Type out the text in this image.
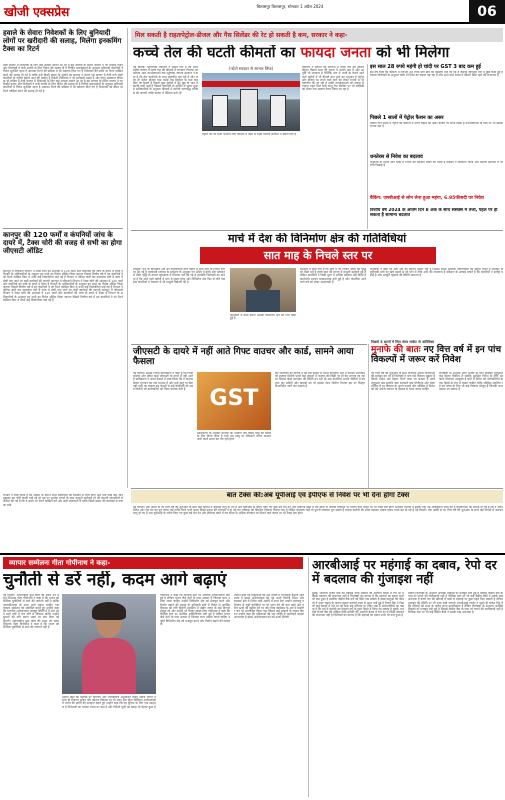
खोजी एक्सप्रेस	बिलासपुर बिलासपुर, सोमवार 1 अप्रैल 2024	06
हवाले के सेवारः निवेशकों के लिए बुनियादी लोगों पर खरीदारी की सलाह, मिलेगा इनकमिंग टैक्स का रिटर्न
तेजी बाजार में निवेशकों के लिए कई अवसर सामने आ रहे हैं इस सप्ताह के दौरान बाजार ने नए रिकॉर्ड बनाए और विशेषज्ञों ने लंबी अवधि के लिए निवेश की सलाह दी है वित्तीय सलाहकारों के अनुसार बुनियादी कंपनियों में निवेश सुरक्षित रहता है आयकर रिटर्न की प्रक्रिया में भी बदलाव किए गए हैं निवेशकों को समय पर रिटर्न दाखिल करने की सलाह दी गई है ताकि उन्हें किसी प्रकार के जुर्माने का सामना न करना पड़े बाजार में तेजी बनी रहेगी कंपनियों के नतीजे बेहतर आने की उम्मीद है विदेशी निवेशकों ने भी खरीदारी बढ़ाई है और घरेलू संस्थागत निवेशक भी सक्रिय हैं तेजी बाजार में निवेशकों के लिए कई अवसर सामने आ रहे हैं इस सप्ताह के दौरान बाजार ने नए रिकॉर्ड बनाए और विशेषज्ञों ने लंबी अवधि के लिए निवेश की सलाह दी है वित्तीय सलाहकारों के अनुसार बुनियादी कंपनियों में निवेश सुरक्षित रहता है आयकर रिटर्न की प्रक्रिया में भी बदलाव किए गए हैं निवेशकों को समय पर रिटर्न दाखिल करने की सलाह दी गई है
कानपुर की 120 फर्मों व कंपनियों जांच के दायरे में, टैक्स चोरी की वजह से सभी का होगा जीएसटी ऑडिट
कानपुर में जीएसटी विभाग ने टैक्स चोरी की आशंका में 120 फर्मों और कंपनियों को जांच के दायरे में लिया है विभाग के अधिकारियों के अनुसार इन सभी का विशेष ऑडिट किया जाएगा पिछले वित्तीय वर्ष में इन कंपनियों ने जो रिटर्न दाखिल किए थे उनमें कई विसंगतियां पाई गई हैं विभाग ने नोटिस जारी कर दस्तावेज मांगे हैं जांच में दोषी पाए जाने पर कड़ी कार्रवाई की जाएगी कानपुर में जीएसटी विभाग ने टैक्स चोरी की आशंका में 120 फर्मों और कंपनियों को जांच के दायरे में लिया है विभाग के अधिकारियों के अनुसार इन सभी का विशेष ऑडिट किया जाएगा पिछले वित्तीय वर्ष में इन कंपनियों ने जो रिटर्न दाखिल किए थे उनमें कई विसंगतियां पाई गई हैं विभाग ने नोटिस जारी कर दस्तावेज मांगे हैं जांच में दोषी पाए जाने पर कड़ी कार्रवाई की जाएगी कानपुर में जीएसटी विभाग ने टैक्स चोरी की आशंका में 120 फर्मों और कंपनियों को जांच के दायरे में लिया है विभाग के अधिकारियों के अनुसार इन सभी का विशेष ऑडिट किया जाएगा पिछले वित्तीय वर्ष में इन कंपनियों ने जो रिटर्न दाखिल किए थे उनमें कई विसंगतियां पाई गई हैं
मिल सकती है राहतःपेट्रोल-डीजल और गैस सिलेंडर की रेट हो सकती है कम, सरकार ने कहा-
कच्चे तेल की घटती कीमतों का फायदा जनता को भी मिलेगा
नई दिल्ली। पेट्रोलियम मंत्रालय ने संकेत दिए हैं कि अंतरराष्ट्रीय बाजार में कच्चे तेल की कीमतों में लगातार गिरावट का फायदा आम उपभोक्ताओं तक पहुंचाया जाएगा सरकार ने कहा है कि तेल कंपनियों के साथ बातचीत चल रही है और जल्द ही पेट्रोल डीजल तथा रसोई गैस सिलेंडर के दाम कम किए जा सकते हैं पिछले कुछ महीनों में ब्रेंट क्रूड के भाव में काफी कमी आई है जिससे कंपनियों के मार्जिन में सुधार हुआ है अधिकारियों के अनुसार कीमतों में कटौती चरणबद्ध तरीके से की जाएगी ताकि बाजार में स्थिरता बनी रहे
(फोटो सरकार से साभार लिंक)
पेट्रोल पंप पर ईंधन भरवाते लोग कीमतों में कमी से राहत मिलेगी सरकार ने संकेत दिए हैं
मंत्रालय ने बताया कि वर्तमान में कच्चे तेल की औसत कीमत पिछले साल की तुलना में काफी कम है और आपूर्ति भी सामान्य है वैश्विक मांग में नरमी के चलते आने वाले महीनों में भी कीमतें कम रहने का अनुमान है पेट्रोल और डीजल पर लगने वाले करों को लेकर राज्यों से भी बातचीत की जा रही है ताकि उपभोक्ताओं को ज्यादा से ज्यादा राहत मिल सके घरेलू गैस सिलेंडर पर भी सब्सिडी को लेकर नया प्रस्ताव तैयार किया जा रहा है
इस साल 28 रुपये महंगी हो चांदी पर GST 3 बाद कम हुई
इस वर्ष चांदी की कीमतों में लगभग 28 रुपये प्रति ग्राम की बढ़ोतरी दर्ज की गई है जबकि जीएसटी दरों में कुछ कमी हुई है बाजार विशेषज्ञों के अनुसार चांदी में निवेश का रुझान बढ़ रहा है और आने वाले समय में कीमतें स्थिर रहने की संभावना है
पिछले 1 सालों में पेट्रोल फैशन का असर
पिछले तीन सालों में पेट्रोल की कीमतों में उतार चढ़ाव का असर बाजार पर साफ दिखा है उपभोक्ताओं के खर्च पर भी इसका प्रभाव पड़ा है
धनतेरस से निवेश का बदलाव
धनतेरस के दौरान सोने चांदी में निवेश का बदलाव देखने को मिला है ग्राहकों ने डिजिटल गोल्ड और सिल्वर ईटीएफ में भी रुचि दिखाई है
मार्च में देश की विनिर्माण क्षेत्र की गतिविधियां
सात माह के निचले स्तर पर
बेंगलुरु। देश के विनिर्माण क्षेत्र की गतिविधियां मार्च महीने में सात माह के निचले स्तर पर आ गई हैं एसएंडपी ग्लोबल के सर्वेक्षण के अनुसार नए ऑर्डर में कमी और उत्पादन में धीमी वृद्धि के कारण सूचकांक में गिरावट दर्ज की गई है हालांकि विशेषज्ञों का मानना है कि आने वाले महीनों में मांग में सुधार होगा और विनिर्माण क्षेत्र फिर से गति पकड़ेगा कंपनियों ने रोजगार में भी मामूली बढ़ोतरी की है
कारखाने में काम करता श्रमिक विनिर्माण क्षेत्र की गति धीमी हुई है
सर्वेक्षण में कहा गया है कि मार्च में नए निर्यात ऑर्डर की वृद्धि भी धीमी रही है कच्चे माल की लागत में मामूली बढ़ोतरी हुई है लेकिन कंपनियों ने बिक्री मूल्य में अधिक बदलाव नहीं किया है कारोबारी धारणा सकारात्मक बनी हुई है और कंपनियां आने वाले वर्ष को लेकर आशावादी हैं
विशेषज्ञों ने कहा कि सेवा क्षेत्र का प्रदर्शन बेहतर रहा है जिससे समग्र आर्थिक गतिविधियों को सहारा मिला है सरकार के बुनियादी ढांचे पर खर्च बढ़ाने से भी मांग में तेजी आने की संभावना है सर्वेक्षण के आंकड़े बताते हैं कि कंपनियों ने इन्वेंट्री बढ़ाई है और आपूर्ति श्रृंखला की स्थिति सामान्य है
जीएसटी के दायरे में नहीं आते गिफ्ट वाउचर और कार्ड, सामने आया फैसला
नई दिल्ली। अग्रिम निर्णय प्राधिकरण ने कहा है कि गिफ्ट वाउचर और प्रीपेड कार्ड जीएसटी के दायरे में नहीं आते हैं प्राधिकरण ने अपने फैसले में स्पष्ट किया कि ये वाउचर केवल भुगतान का एक माध्यम हैं और इन्हें वस्तु या सेवा नहीं माना जा सकता इस फैसले से कई कंपनियों को राहत मिलेगी जो कर्मचारियों को गिफ्ट वाउचर देती हैं	GST
प्राधिकरण के अनुसार वाउचर का उपयोग जब किसी वस्तु की खरीद के लिए किया जाता है तभी उस वस्तु पर जीएसटी लगेगा वाउचर जारी करते समय कर देय नहीं होगा
कर विशेषज्ञों का मानना है कि इस फैसले से रिटेल कंपनियों और ई कॉमर्स प्लेटफॉर्म को स्पष्टता मिलेगी पहले कई मामलों में वाउचर की बिक्री पर ही कर लगाया जा रहा था जिससे दोहरे कराधान की स्थिति बन रही थी अब कंपनियां अपनी नीतियों में बदलाव कर सकेंगी और ग्राहकों को भी इसका लाभ मिलेगा विभाग इस पर विस्तृत दिशानिर्देश जारी कर सकता है
मुनाफे की बातः नए वित्त वर्ष में इन पांच विकल्पों में जरूर करें निवेश
नए वित्त वर्ष की शुरुआत के साथ निवेशक अपनी योजनाओं की समीक्षा कर रहे हैं विशेषज्ञों ने पांच ऐसे विकल्प सुझाए हैं जिनमें निवेश कर बेहतर रिटर्न पाया जा सकता है इनमें म्यूचुअल फंड सावधि जमा सरकारी बांड पीपीएफ और सोना शामिल हैं हर विकल्प के अपने फायदे और जोखिम हैं निवेशकों को अपनी जरूरत के हिसाब से चयन करना चाहिए
विशेषज्ञों के अनुसार लंबी अवधि के लिए इक्विटी म्यूचुअल फंड बेहतर विकल्प हैं जबकि सुरक्षित निवेश के लिए सरकारी योजनाएं उपयुक्त हैं सोने में निवेश को पोर्टफोलियो के एक हिस्से के रूप में रखना चाहिए ताकि जोखिम संतुलित रहे कर बचत के लिए भी कई विकल्प मौजूद हैं जिनका लाभ उठाया जा सकता है
बात टैक्स की:अब यूपीआई एवं ईपीएफ से निवेश पर भी देना होगा टैक्स
नई दिल्ली। एक अप्रैल से नए वित्त वर्ष की शुरुआत के साथ कई नियमों में बदलाव लागू हो गए हैं अब यूपीआई के जरिए किए गए कुछ बड़े लेन देन और ईपीएफ खाते में तय सीमा से अधिक योगदान पर मिलने वाले ब्याज पर भी टैक्स देना होगा आयकर विभाग ने इसके लिए नई अधिसूचना जारी की है करदाताओं को सलाह दी गई है कि वे अपने निवेश और लेन देन का पूरा ब्योरा रखें ताकि रिटर्न भरते समय किसी प्रकार की परेशानी न हो नई कर व्यवस्था को डिफॉल्ट विकल्प बनाया गया है लेकिन करदाता चाहें तो पुरानी व्यवस्था चुन सकते हैं मानक कटौती की सीमा बढ़ाकर पचास हजार रुपये कर दी गई है नई दिल्ली। एक अप्रैल से नए वित्त वर्ष की शुरुआत के साथ कई नियमों में बदलाव लागू हो गए हैं अब यूपीआई के जरिए किए गए कुछ बड़े लेन देन और ईपीएफ खाते में तय सीमा से अधिक योगदान पर मिलने वाले ब्याज पर भी टैक्स देना होगा
विभाग ने स्पष्ट किया है कि ऑडिट के दौरान सभी दस्तावेजों की बारीकी से जांच होगी और यदि कोई फर्म जानबूझकर कर चोरी करती पाई गई तो उस पर जुर्माना लगाने के साथ कानूनी कार्रवाई भी की जाएगी व्यापारियों से अपील की गई है कि वे समय पर रिटर्न दाखिल करें और सही जानकारी दें ताकि किसी प्रकार की कार्रवाई से बचा जा सके
व्यापार सम्मेलनः गीता गोपीनाथ ने कहा-
चुनौती से डरें नहीं, कदम आगे बढ़ाएं
नई दिल्ली। अंतरराष्ट्रीय मुद्रा कोष की प्रथम उप प्रबंध निदेशक गीता गोपीनाथ ने कहा है कि भारत को वैश्विक चुनौतियों से डरने की जरूरत नहीं है बल्कि आत्मविश्वास के साथ आगे बढ़ना चाहिए एक व्यापार सम्मेलन को संबोधित करते हुए उन्होंने कहा कि भारतीय अर्थव्यवस्था मजबूत स्थिति में है और आने वाले वर्षों में तेज गति से विकास करेगी उन्होंने सुधारों की गति बनाए रखने पर जोर दिया नई दिल्ली। अंतरराष्ट्रीय मुद्रा कोष की प्रथम उप प्रबंध निदेशक गीता गोपीनाथ ने कहा है कि भारत को वैश्विक चुनौतियों से डरने की जरूरत नहीं है
उन्होंने कहा कि महंगाई पर नियंत्रण और राजकोषीय अनुशासन बनाए रखना जरूरी है साथ ही रोजगार सृजन और कौशल विकास पर भी ध्यान देना होगा डिजिटल अर्थव्यवस्था में भारत की प्रगति की सराहना करते हुए उन्होंने कहा कि यह दुनिया के लिए एक उदाहरण है निवेशकों का भरोसा भारत पर बढ़ा है और विदेशी पूंजी का प्रवाह भी बेहतर हुआ है
गोपीनाथ ने कहा कि वैश्विक स्तर पर आर्थिक अनिश्चितता बनी हुई है लेकिन भारत जैसे देशों के पास अवसर हैं जिनका लाभ उठाया जाना चाहिए उन्होंने विनिर्माण क्षेत्र को मजबूत करने और निर्यात बढ़ाने की सलाह दी बुनियादी ढांचे में निवेश से आर्थिक विकास को गति मिलेगी सम्मेलन में उद्योग जगत के कई दिग्गज मौजूद रहे और उन्होंने भी विचार साझा किए गोपीनाथ ने कहा कि वैश्विक स्तर पर आर्थिक अनिश्चितता बनी हुई है लेकिन भारत जैसे देशों के पास अवसर हैं जिनका लाभ उठाया जाना चाहिए उन्होंने विनिर्माण क्षेत्र को मजबूत करने और निर्यात बढ़ाने की सलाह दी
उन्होंने कहा कि महिलाओं की श्रम शक्ति में भागीदारी बढ़ाना आवश्यक है इससे अर्थव्यवस्था को नई ऊर्जा मिलेगी शिक्षा और स्वास्थ्य क्षेत्र में निवेश लंबी अवधि में लाभ देगा उन्होंने जलवायु परिवर्तन से जुड़ी चुनौतियों पर भी ध्यान देने की बात कही और हरित ऊर्जा को बढ़ावा देने पर जोर दिया कार्यक्रम के अंत में प्रश्नोत्तर सत्र भी आयोजित किया गया जिसमें कई सवालों के जवाब दिए गए उन्होंने कहा कि महिलाओं की श्रम शक्ति में भागीदारी बढ़ाना आवश्यक है इससे अर्थव्यवस्था को नई ऊर्जा मिलेगी
आरबीआई पर महंगाई का दबाव, रेपो दर में बदलाव की गुंजाइश नहीं
मुंबई। भारतीय रिजर्व बैंक की मौद्रिक नीति समिति की आगामी बैठक में रेपो दर में किसी बदलाव की संभावना नहीं है विशेषज्ञों का मानना है कि महंगाई का दबाव अभी भी बना हुआ है इसलिए केंद्रीय बैंक दरों को स्थिर रख सकता है खाद्य वस्तुओं की कीमतों में उतार चढ़ाव के कारण खुदरा महंगाई लक्ष्य से ऊपर बनी हुई है रिजर्व बैंक ने पिछली कई बैठकों में रेपो दर को साढ़े छह प्रतिशत पर स्थिर रखा है अर्थशास्त्रियों का कहना है कि दरों में कटौती का फैसला वर्ष के दूसरे हिस्से में लिया जा सकता है मुंबई। भारतीय रिजर्व बैंक की मौद्रिक नीति समिति की आगामी बैठक में रेपो दर में किसी बदलाव की संभावना नहीं है विशेषज्ञों का मानना है कि महंगाई का दबाव अभी भी बना हुआ है
बैंकिंग विशेषज्ञों के अनुसार आर्थिक विकास दर मजबूत बनी हुई है जिससे केंद्रीय बैंक के पास दरें घटाने की जल्दबाजी नहीं है वैश्विक स्तर पर भी कई केंद्रीय बैंकों ने सतर्क रुख अपनाया है कच्चे तेल की कीमतों में कमी से महंगाई पर कुछ राहत मिल सकती है लेकिन मानसून की स्थिति पर भी नजर रखी जाएगी आरबीआई गवर्नर ने पहले ही संकेत दिए हैं कि महंगाई को लक्ष्य के करीब लाना प्राथमिकता है बैंकिंग विशेषज्ञों के अनुसार आर्थिक विकास दर मजबूत बनी हुई है जिससे केंद्रीय बैंक के पास दरें घटाने की जल्दबाजी नहीं है वैश्विक स्तर पर भी कई केंद्रीय बैंकों ने सतर्क रुख अपनाया है
बैकिंग: एसबीआई से लोन लेना हुआ महंगा, 6.95फीसदी पर निवेश
वित्तीय वर्ष 2024 के अंतिम दिन 8 अंक के साथ सेंसेक्स में तेजी, पहले पर हो सकता है सामान्य बदलाव
पिछले 3 सालों में मिल शेयर मार्केट से अतिरिक्त
